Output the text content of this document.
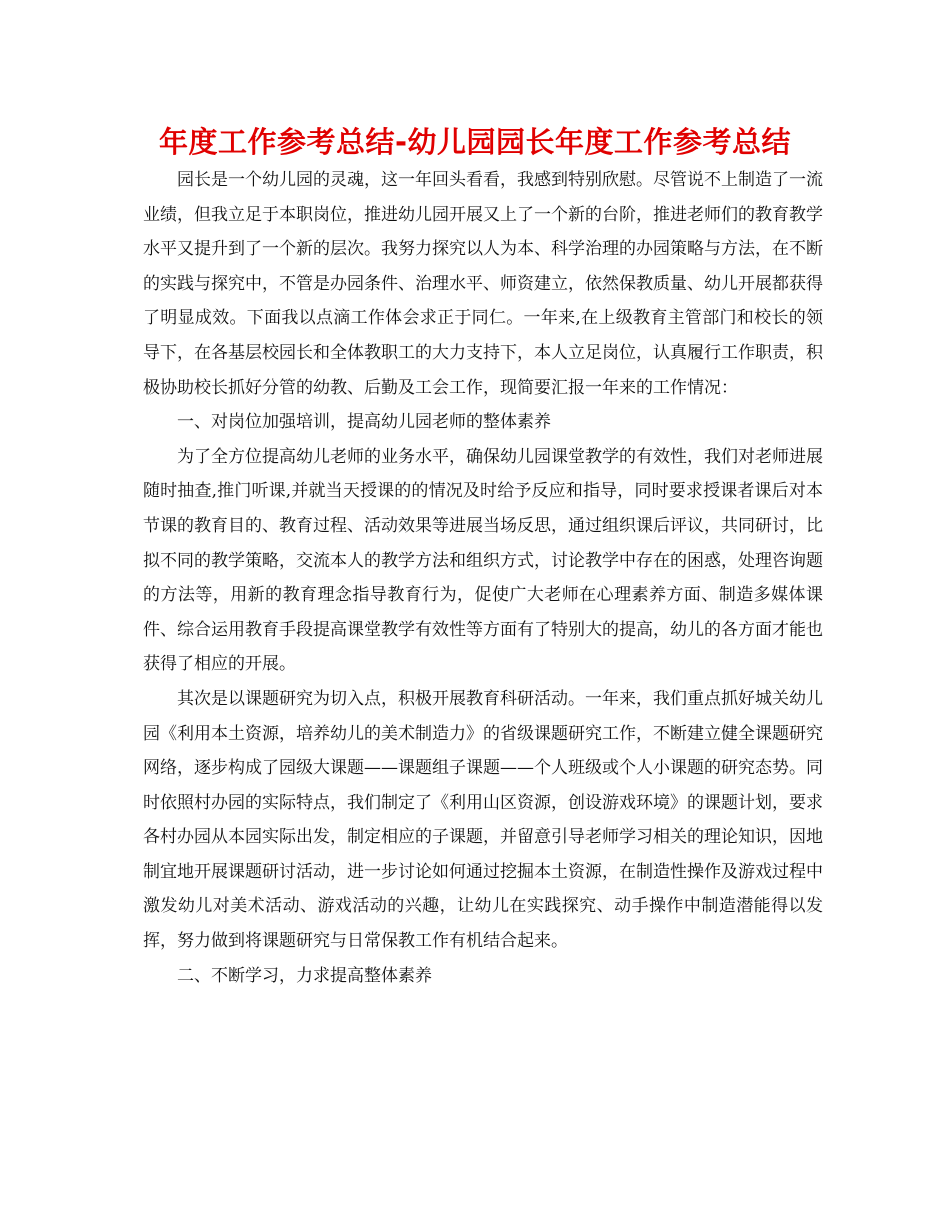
年度工作参考总结-幼儿园园长年度工作参考总结

园长是一个幼儿园的灵魂，这一年回头看看，我感到特别欣慰。尽管说不上制造了一流业绩，但我立足于本职岗位，推进幼儿园开展又上了一个新的台阶，推进老师们的教育教学水平又提升到了一个新的层次。我努力探究以人为本、科学治理的办园策略与方法，在不断的实践与探究中，不管是办园条件、治理水平、师资建立，依然保教质量、幼儿开展都获得了明显成效。下面我以点滴工作体会求正于同仁。一年来,在上级教育主管部门和校长的领导下，在各基层校园长和全体教职工的大力支持下，本人立足岗位，认真履行工作职责，积极协助校长抓好分管的幼教、后勤及工会工作，现简要汇报一年来的工作情况：

一、对岗位加强培训，提高幼儿园老师的整体素养

为了全方位提高幼儿老师的业务水平，确保幼儿园课堂教学的有效性，我们对老师进展随时抽查,推门听课,并就当天授课的的情况及时给予反应和指导，同时要求授课者课后对本节课的教育目的、教育过程、活动效果等进展当场反思，通过组织课后评议，共同研讨，比拟不同的教学策略，交流本人的教学方法和组织方式，讨论教学中存在的困惑，处理咨询题的方法等，用新的教育理念指导教育行为，促使广大老师在心理素养方面、制造多媒体课件、综合运用教育手段提高课堂教学有效性等方面有了特别大的提高，幼儿的各方面才能也获得了相应的开展。

其次是以课题研究为切入点，积极开展教育科研活动。一年来，我们重点抓好城关幼儿园《利用本土资源，培养幼儿的美术制造力》的省级课题研究工作，不断建立健全课题研究网络，逐步构成了园级大课题——课题组子课题——个人班级或个人小课题的研究态势。同时依照村办园的实际特点，我们制定了《利用山区资源，创设游戏环境》的课题计划，要求各村办园从本园实际出发，制定相应的子课题，并留意引导老师学习相关的理论知识，因地制宜地开展课题研讨活动，进一步讨论如何通过挖掘本土资源，在制造性操作及游戏过程中激发幼儿对美术活动、游戏活动的兴趣，让幼儿在实践探究、动手操作中制造潜能得以发挥，努力做到将课题研究与日常保教工作有机结合起来。

二、不断学习，力求提高整体素养
